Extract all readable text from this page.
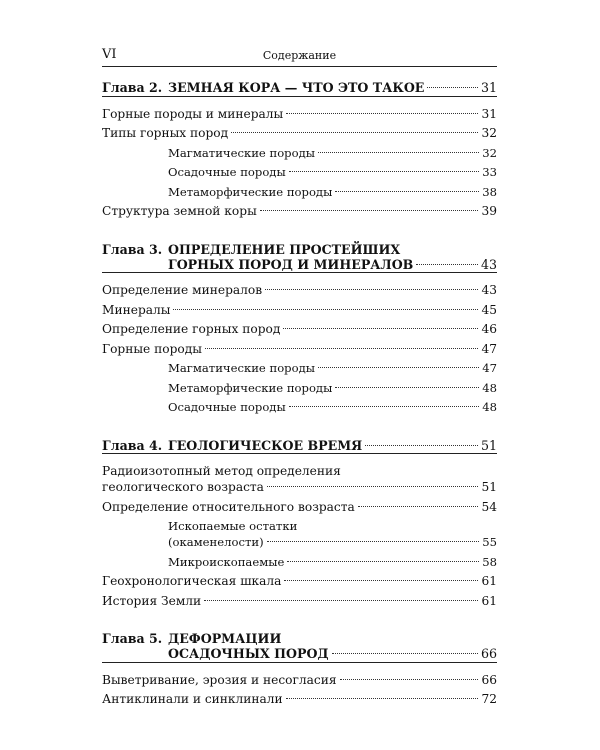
VI	Содержание
Глава 2. ЗЕМНАЯ КОРА — ЧТО ЭТО ТАКОЕ	31
Горные породы и минералы	31
Типы горных пород	32
Магматические породы	32
Осадочные породы	33
Метаморфические породы	38
Структура земной коры	39
Глава 3. ОПРЕДЕЛЕНИЕ ПРОСТЕЙШИХ
ГОРНЫХ ПОРОД И МИНЕРАЛОВ	43
Определение минералов	43
Минералы	45
Определение горных пород	46
Горные породы	47
Магматические породы	47
Метаморфические породы	48
Осадочные породы	48
Глава 4. ГЕОЛОГИЧЕСКОЕ ВРЕМЯ	51
Радиоизотопный метод определения
геологического возраста	51
Определение относительного возраста	54
Ископаемые остатки
(окаменелости)	55
Микроископаемые	58
Геохронологическая шкала	61
История Земли	61
Глава 5. ДЕФОРМАЦИИ
ОСАДОЧНЫХ ПОРОД	66
Выветривание, эрозия и несогласия	66
Антиклинали и синклинали	72
